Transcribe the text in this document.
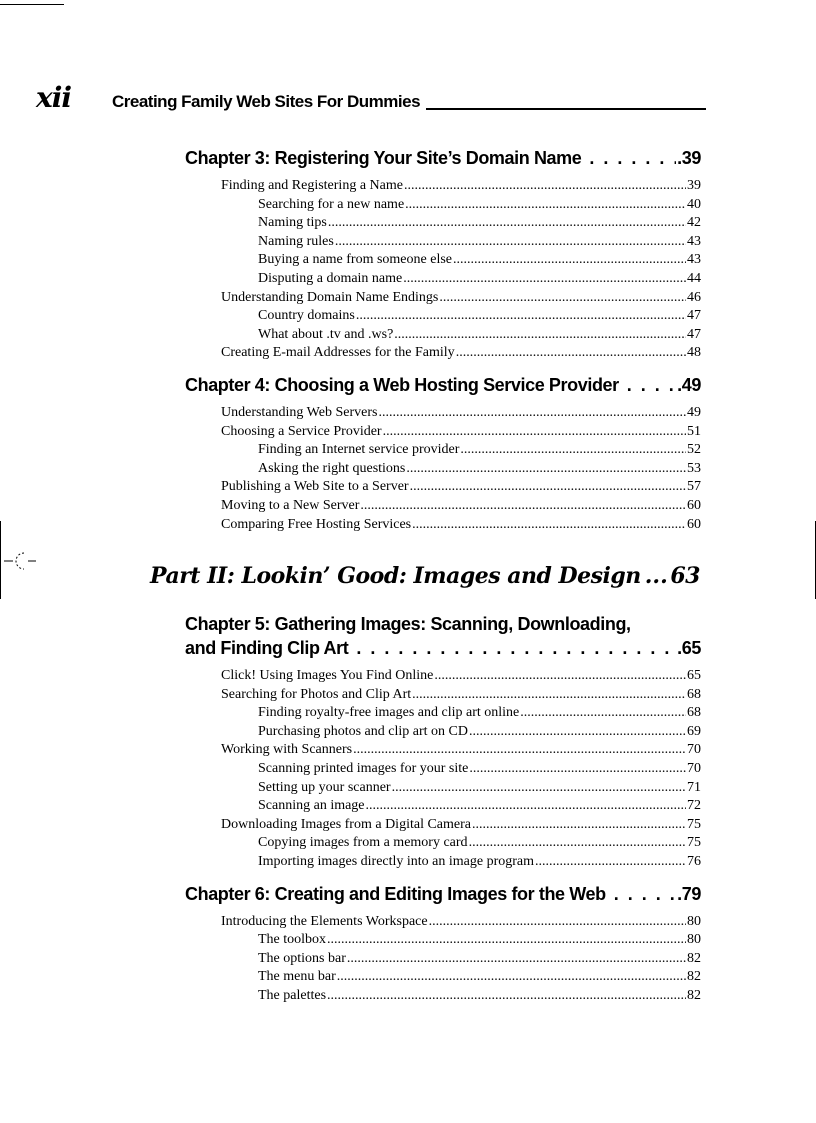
xii Creating Family Web Sites For Dummies
Chapter 3: Registering Your Site’s Domain Name . . .	.39
Finding and Registering a Name .....	39
Searching for a new name .....	40
Naming tips .....	42
Naming rules .....	43
Buying a name from someone else .....	43
Disputing a domain name .....	44
Understanding Domain Name Endings .....	46
Country domains .....	47
What about .tv and .ws? .....	47
Creating E-mail Addresses for the Family .....	48
Chapter 4: Choosing a Web Hosting Service Provider . . .	.49
Understanding Web Servers .....	49
Choosing a Service Provider .....	51
Finding an Internet service provider .....	52
Asking the right questions .....	53
Publishing a Web Site to a Server .....	57
Moving to a New Server .....	60
Comparing Free Hosting Services .....	60
Part II: Lookin’ Good: Images and Design ..... 63
Chapter 5: Gathering Images: Scanning, Downloading,
and Finding Clip Art . . .	.65
Click! Using Images You Find Online .....	65
Searching for Photos and Clip Art .....	68
Finding royalty-free images and clip art online .....	68
Purchasing photos and clip art on CD .....	69
Working with Scanners .....	70
Scanning printed images for your site .....	70
Setting up your scanner .....	71
Scanning an image .....	72
Downloading Images from a Digital Camera .....	75
Copying images from a memory card .....	75
Importing images directly into an image program .....	76
Chapter 6: Creating and Editing Images for the Web . . .	.79
Introducing the Elements Workspace .....	80
The toolbox .....	80
The options bar .....	82
The menu bar .....	82
The palettes .....	82
